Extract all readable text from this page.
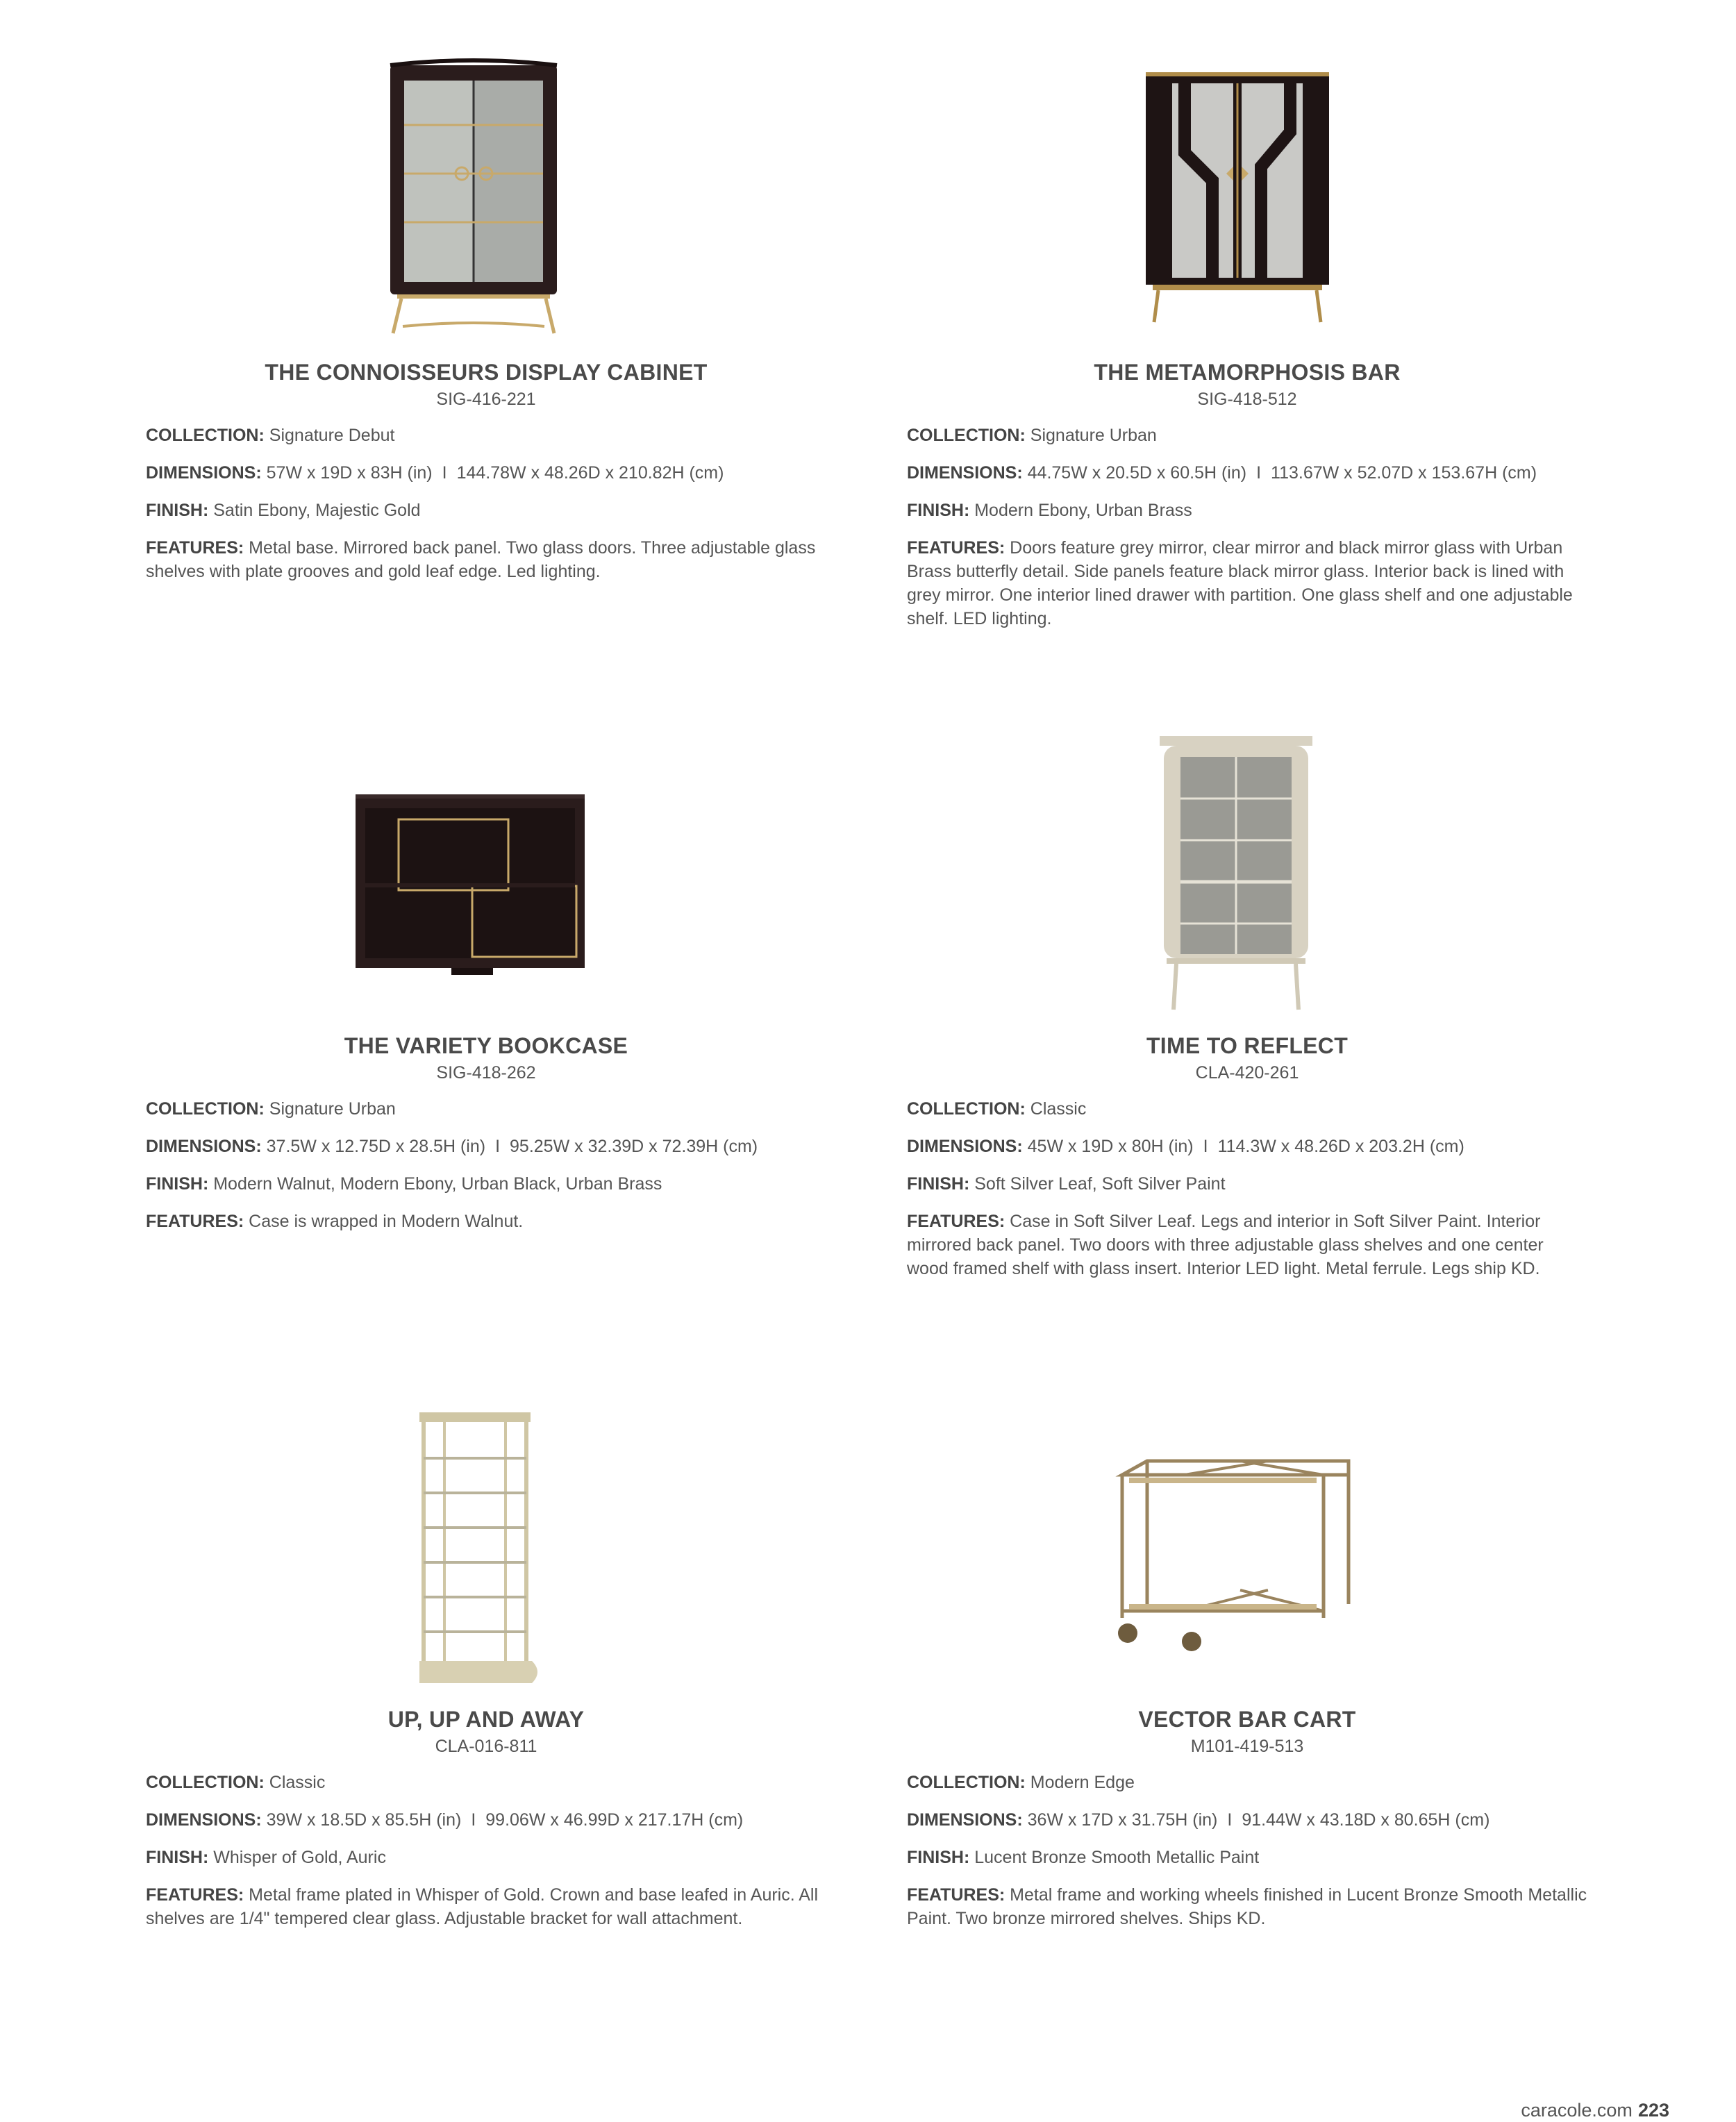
THE CONNOISSEURS DISPLAY CABINET
SIG-416-221
COLLECTION: Signature Debut
DIMENSIONS: 57W x 19D x 83H (in) I 144.78W x 48.26D x 210.82H (cm)
FINISH: Satin Ebony, Majestic Gold
FEATURES: Metal base. Mirrored back panel. Two glass doors. Three adjustable glass shelves with plate grooves and gold leaf edge. Led lighting.
THE METAMORPHOSIS BAR
SIG-418-512
COLLECTION: Signature Urban
DIMENSIONS: 44.75W x 20.5D x 60.5H (in) I 113.67W x 52.07D x 153.67H (cm)
FINISH: Modern Ebony, Urban Brass
FEATURES: Doors feature grey mirror, clear mirror and black mirror glass with Urban Brass butterfly detail. Side panels feature black mirror glass. Interior back is lined with grey mirror. One interior lined drawer with partition. One glass shelf and one adjustable shelf. LED lighting.
THE VARIETY BOOKCASE
SIG-418-262
COLLECTION: Signature Urban
DIMENSIONS: 37.5W x 12.75D x 28.5H (in) I 95.25W x 32.39D x 72.39H (cm)
FINISH: Modern Walnut, Modern Ebony, Urban Black, Urban Brass
FEATURES: Case is wrapped in Modern Walnut.
TIME TO REFLECT
CLA-420-261
COLLECTION: Classic
DIMENSIONS: 45W x 19D x 80H (in) I 114.3W x 48.26D x 203.2H (cm)
FINISH: Soft Silver Leaf, Soft Silver Paint
FEATURES: Case in Soft Silver Leaf. Legs and interior in Soft Silver Paint. Interior mirrored back panel. Two doors with three adjustable glass shelves and one center wood framed shelf with glass insert. Interior LED light. Metal ferrule. Legs ship KD.
UP, UP AND AWAY
CLA-016-811
COLLECTION: Classic
DIMENSIONS: 39W x 18.5D x 85.5H (in) I 99.06W x 46.99D x 217.17H (cm)
FINISH: Whisper of Gold, Auric
FEATURES: Metal frame plated in Whisper of Gold. Crown and base leafed in Auric. All shelves are 1/4" tempered clear glass. Adjustable bracket for wall attachment.
VECTOR BAR CART
M101-419-513
COLLECTION: Modern Edge
DIMENSIONS: 36W x 17D x 31.75H (in) I 91.44W x 43.18D x 80.65H (cm)
FINISH: Lucent Bronze Smooth Metallic Paint
FEATURES: Metal frame and working wheels finished in Lucent Bronze Smooth Metallic Paint. Two bronze mirrored shelves. Ships KD.
caracole.com 223
